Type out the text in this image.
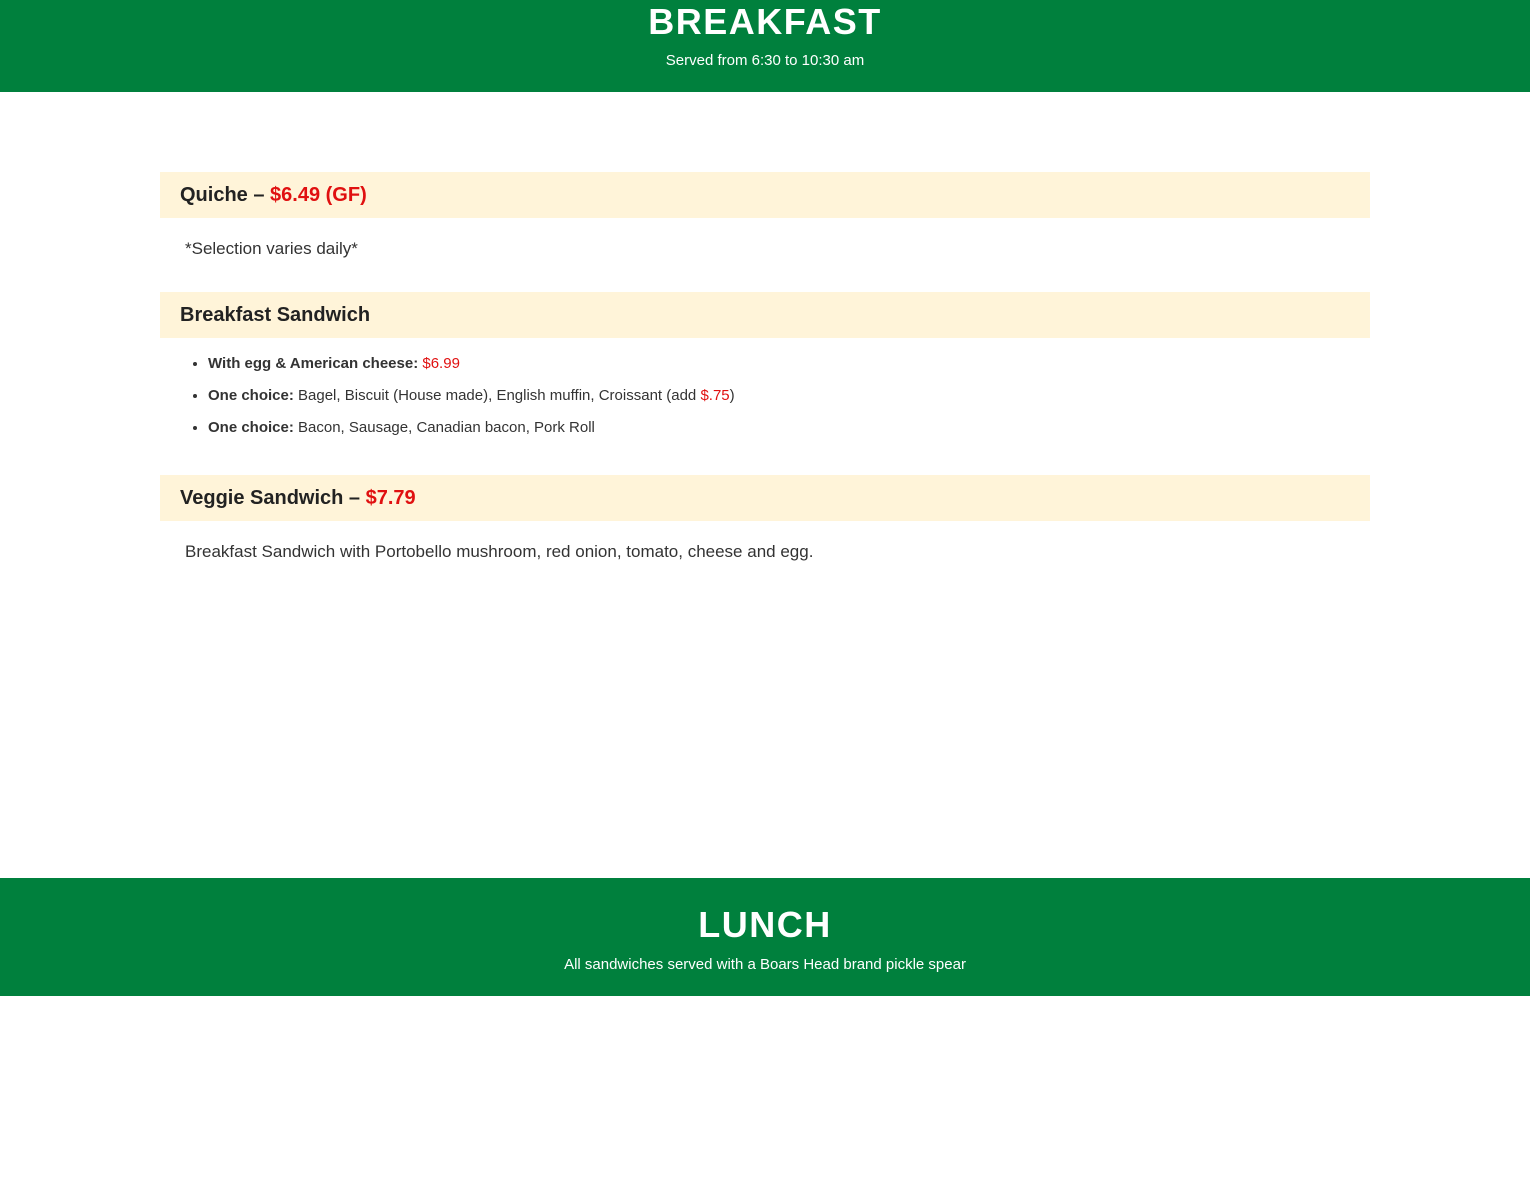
BREAKFAST
Served from 6:30 to 10:30 am
Quiche – $6.49 (GF)
*Selection varies daily*
Breakfast Sandwich
• With egg & American cheese: $6.99
• One choice: Bagel, Biscuit (House made), English muffin, Croissant (add $.75)
• One choice: Bacon, Sausage, Canadian bacon, Pork Roll
Veggie Sandwich – $7.79
Breakfast Sandwich with Portobello mushroom, red onion, tomato, cheese and egg.
LUNCH
All sandwiches served with a Boars Head brand pickle spear
